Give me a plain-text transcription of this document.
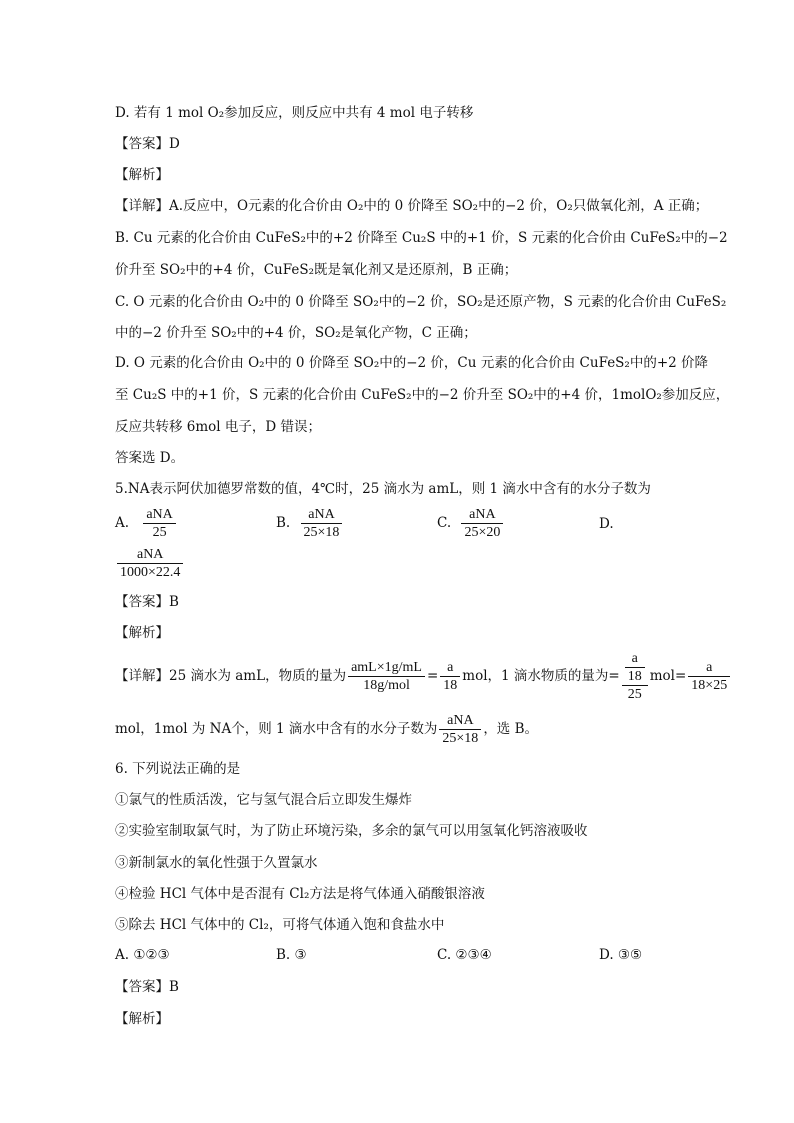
D. 若有 1 mol O₂参加反应，则反应中共有 4 mol 电子转移
【答案】D
【解析】
【详解】A.反应中，O元素的化合价由 O₂中的 0 价降至 SO₂中的−2 价，O₂只做氧化剂，A 正确；
B. Cu 元素的化合价由 CuFeS₂中的+2 价降至 Cu₂S 中的+1 价，S 元素的化合价由 CuFeS₂中的−2
价升至 SO₂中的+4 价，CuFeS₂既是氧化剂又是还原剂，B 正确；
C. O 元素的化合价由 O₂中的 0 价降至 SO₂中的−2 价，SO₂是还原产物，S 元素的化合价由 CuFeS₂
中的−2 价升至 SO₂中的+4 价，SO₂是氧化产物，C 正确；
D. O 元素的化合价由 O₂中的 0 价降至 SO₂中的−2 价，Cu 元素的化合价由 CuFeS₂中的+2 价降
至 Cu₂S 中的+1 价，S 元素的化合价由 CuFeS₂中的−2 价升至 SO₂中的+4 价，1molO₂参加反应，
反应共转移 6mol 电子，D 错误；
答案选 D。
5.NA表示阿伏加德罗常数的值，4℃时，25 滴水为 amL，则 1 滴水中含有的水分子数为
A. $\frac{\text{aNA}}{25}$	B. $\frac{\text{aNA}}{25\times 18}$	C. $\frac{\text{aNA}}{25\times 20}$	D.
$\frac{\text{aNA}}{1000\times 22.4}$
【答案】B
【解析】
【详解】25 滴水为 amL，物质的量为 $\frac{\text{amL×1g/mL}}{\text{18g/mol}} = \frac{a}{18}$ mol，1 滴水物质的量为= $\frac{\frac{a}{18}}{25} mol= \frac{a}{18\times 25}$
mol，1mol 为 NA个，则 1 滴水中含有的水分子数为 $\frac{\text{aNA}}{25\times 18}$ ，选 B。
6. 下列说法正确的是
①氯气的性质活泼，它与氢气混合后立即发生爆炸
②实验室制取氯气时，为了防止环境污染，多余的氯气可以用氢氧化钙溶液吸收
③新制氯水的氧化性强于久置氯水
④检验 HCl 气体中是否混有 Cl₂方法是将气体通入硝酸银溶液
⑤除去 HCl 气体中的 Cl₂，可将气体通入饱和食盐水中
A. ①②③	B. ③	C. ②③④	D. ③⑤
【答案】B
【解析】
